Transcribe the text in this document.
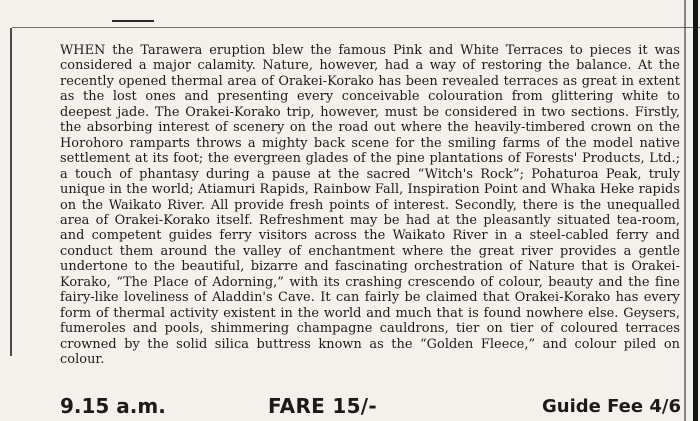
WHEN the Tarawera eruption blew the famous Pink and White Terraces to pieces it was considered a major calamity. Nature, however, had a way of restoring the balance. At the recently opened thermal area of Orakei-Korako has been revealed terraces as great in extent as the lost ones and presenting every conceivable colouration from glittering white to deepest jade. The Orakei-Korako trip, however, must be considered in two sections. Firstly, the absorbing interest of scenery on the road out where the heavily-timbered crown on the Horohoro ramparts throws a mighty back scene for the smiling farms of the model native settlement at its foot; the evergreen glades of the pine plantations of Forests' Products, Ltd.; a touch of phantasy during a pause at the sacred “Witch's Rock”; Pohaturoa Peak, truly unique in the world; Atiamuri Rapids, Rainbow Fall, Inspiration Point and Whaka Heke rapids on the Waikato River. All provide fresh points of interest. Secondly, there is the unequalled area of Orakei-Korako itself. Refreshment may be had at the pleasantly situated tea-room, and competent guides ferry visitors across the Waikato River in a steel-cabled ferry and conduct them around the valley of enchantment where the great river provides a gentle undertone to the beautiful, bizarre and fascinating orchestration of Nature that is Orakei-Korako, “The Place of Adorning,” with its crashing crescendo of colour, beauty and the fine fairy-like loveliness of Aladdin's Cave. It can fairly be claimed that Orakei-Korako has every form of thermal activity existent in the world and much that is found nowhere else. Geysers, fumeroles and pools, shimmering champagne cauldrons, tier on tier of coloured terraces crowned by the solid silica buttress known as the “Golden Fleece,” and colour piled on colour.

9.15 a.m.	FARE 15/-	Guide Fee 4/6
